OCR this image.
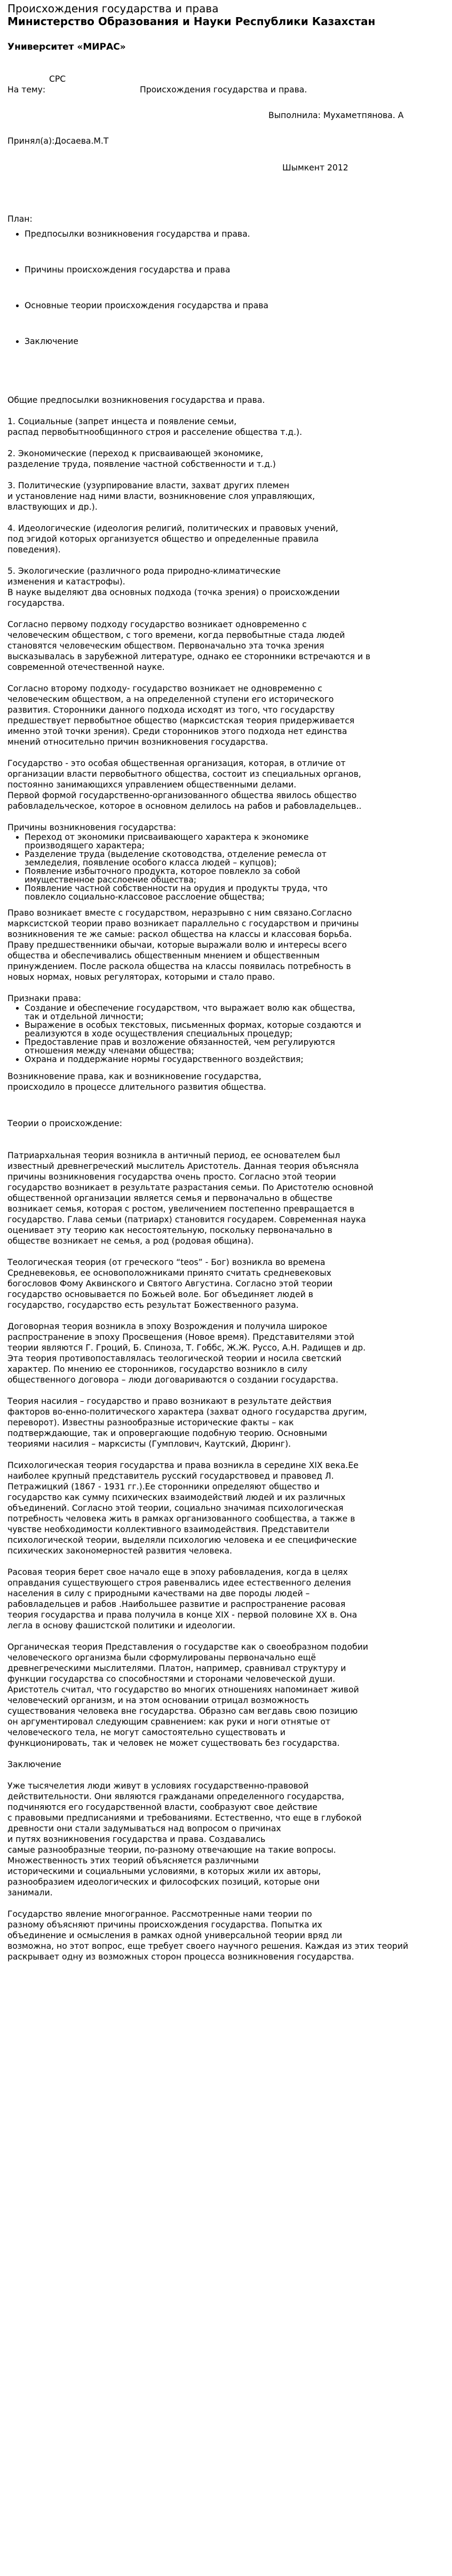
Происхождения государства и права

Министерство Образования и Науки Республики Казахстан

Университет «МИРАС»

СРС
На тему:	Происхождения государства и права.
Выполнила: Мухаметпянова. А
Принял(а):Досаева.М.Т
Шымкент 2012

План:

• Предпосылки возникновения государства и права.
• Причины происхождения государства и права
• Основные теории происхождения государства и права
• Заключение

Общие предпосылки возникновения государства и права.

1. Социальные (запрет инцеста и появление семьи,

распад первобытнообщинного строя и расселение общества т.д.).

2. Экономические (переход к присваивающей экономике,

разделение труда, появление частной собственности и т.д.)

3. Политические (узурпирование власти, захват других племен

и установление над ними власти, возникновение слоя управляющих,

властвующих и др.).

4. Идеологические (идеология религий, политических и правовых учений,

под эгидой которых организуется общество и определенные правила

поведения).

5. Экологические (различного рода природно-климатические

изменения и катастрофы).

В науке выделяют два основных подхода (точка зрения) о происхождении

государства.

Согласно первому подходу государство возникает одновременно с

человеческим обществом, с того времени, когда первобытные стада людей

становятся человеческим обществом. Первоначально эта точка зрения

высказывалась в зарубежной литературе, однако ее сторонники встречаются и в

современной отечественной науке.

Согласно второму подходу- государство возникает не одновременно с

человеческим обществом, а на определенной ступени его исторического

развития. Сторонники данного подхода исходят из того, что государству

предшествует первобытное общество (марксистская теория придерживается

именно этой точки зрения). Среди сторонников этого подхода нет единства

мнений относительно причин возникновения государства.

Государство - это особая общественная организация, которая, в отличие от

организации власти первобытного общества, состоит из специальных органов,

постоянно занимающихся управлением общественными делами.

Первой формой государственно-организованного общества явилось общество

рабовладельческое, которое в основном делилось на рабов и рабовладельцев..

Причины возникновения государства:

• Переход от экономики присваивающего характера к экономике
производящего характера;
• Разделение труда (выделение скотоводства, отделение ремесла от
земледелия, появление особого класса людей – купцов);
• Появление избыточного продукта, которое повлекло за собой
имущественное расслоение общества;
• Появление частной собственности на орудия и продукты труда, что
повлекло социально-классовое расслоение общества;

Право возникает вместе с государством, неразрывно с ним связано.Согласно

марксистской теории право возникает параллельно с государством и причины

возникновения те же самые: раскол общества на классы и классовая борьба.

Праву предшественники обычаи, которые выражали волю и интересы всего

общества и обеспечивались общественным мнением и общественным

принуждением. После раскола общества на классы появилась потребность в

новых нормах, новых регуляторах, которыми и стало право.

Признаки права:

• Создание и обеспечение государством, что выражает волю как общества,
так и отдельной личности;
• Выражение в особых текстовых, письменных формах, которые создаются и
реализуются в ходе осуществления специальных процедур;
• Предоставление прав и возложение обязанностей, чем регулируются
отношения между членами общества;
• Охрана и поддержание нормы государственного воздействия;

Возникновение права, как и возникновение государства,

происходило в процессе длительного развития общества.

Теории о происхождение:

Патриархальная теория возникла в античный период, ее основателем был

известный древнегреческий мыслитель Аристотель. Данная теория объясняла

причины возникновения государства очень просто. Согласно этой теории

государство возникает в результате разрастания семьи. По Аристотелю основной

общественной организации является семья и первоначально в обществе

возникает семья, которая с ростом, увеличением постепенно превращается в

государство. Глава семьи (патриарх) становится государем. Современная наука

оценивает эту теорию как несостоятельную, поскольку первоначально в

обществе возникает не семья, а род (родовая община).

Теологическая теория (от греческого “teos” - Бог) возникла во времена

Средневековья, ее основоположниками принято считать средневековых

богословов Фому Аквинского и Святого Августина. Согласно этой теории

государство основывается по Божьей воле. Бог объединяет людей в

государство, государство есть результат Божественного разума.

Договорная теория возникла в эпоху Возрождения и получила широкое

распространение в эпоху Просвещения (Новое время). Представителями этой

теории являются Г. Гроций, Б. Спиноза, Т. Гоббс, Ж.Ж. Руссо, А.Н. Радищев и др.

Эта теория противопоставлялась теологической теории и носила светский

характер. По мнению ее сторонников, государство возникло в силу

общественного договора – люди договариваются о создании государства.

Теория насилия – государство и право возникают в результате действия

факторов во-енно-политического характера (захват одного государства другим,

переворот). Известны разнообразные исторические факты – как

подтверждающие, так и опровергающие подобную теорию. Основными

теориями насилия – марксисты (Гумплович, Каутский, Дюринг).

Психологическая теория государства и права возникла в середине XIX века.Ее

наиболее крупный представитель русский государствовед и правовед Л.

Петражицкий (1867 - 1931 гг.).Ее сторонники определяют общество и

государство как сумму психических взаимодействий людей и их различных

объединений. Согласно этой теории, социально значимая психологическая

потребность человека жить в рамках организованного сообщества, а также в

чувстве необходимости коллективного взаимодействия. Представители

психологической теории, выделяли психологию человека и ее специфические

психических закономерностей развития человека.

Расовая теория берет свое начало еще в эпоху рабовладения, когда в целях

оправдания существующего строя равенвались идее естественного деления

населения в силу с природными качествами на две породы людей –

рабовладельцев и рабов .Наибольшее развитие и распространение расовая

теория государства и права получила в конце XIX - первой половине XX в. Она

легла в основу фашистской политики и идеологии.

Органическая теория Представления о государстве как о своеобразном подобии

человеческого организма были сформулированы первоначально ещё

древнегреческими мыслителями. Платон, например, сравнивал структуру и

функции государства со способностями и сторонами человеческой души.

Аристотель считал, что государство во многих отношениях напоминает живой

человеческий организм, и на этом основании отрицал возможность

существования человека вне государства. Образно сам вегдавь свою позицию

он аргументировал следующим сравнением: как руки и ноги отнятые от

человеческого тела, не могут самостоятельно существовать и

функционировать, так и человек не может существовать без государства.

Заключение

Уже тысячелетия люди живут в условиях государственно-правовой

действительности. Они являются гражданами определенного государства,

подчиняются его государственной власти, сообразуют свое действие

с правовыми предписаниями и требованиями. Естественно, что еще в глубокой

древности они стали задумываться над вопросом о причинах

и путях возникновения государства и права. Создавались

самые разнообразные теории, по-разному отвечающие на такие вопросы.

Множественность этих теорий объясняется различными

историческими и социальными условиями, в которых жили их авторы,

разнообразием идеологических и философских позиций, которые они

занимали.

Государство явление многогранное. Рассмотренные нами теории по

разному объясняют причины происхождения государства. Попытка их

объединение и осмысления в рамках одной универсальной теории вряд ли

возможна, но этот вопрос, еще требует своего научного решения. Каждая из этих теорий

раскрывает одну из возможных сторон процесса возникновения государства.
